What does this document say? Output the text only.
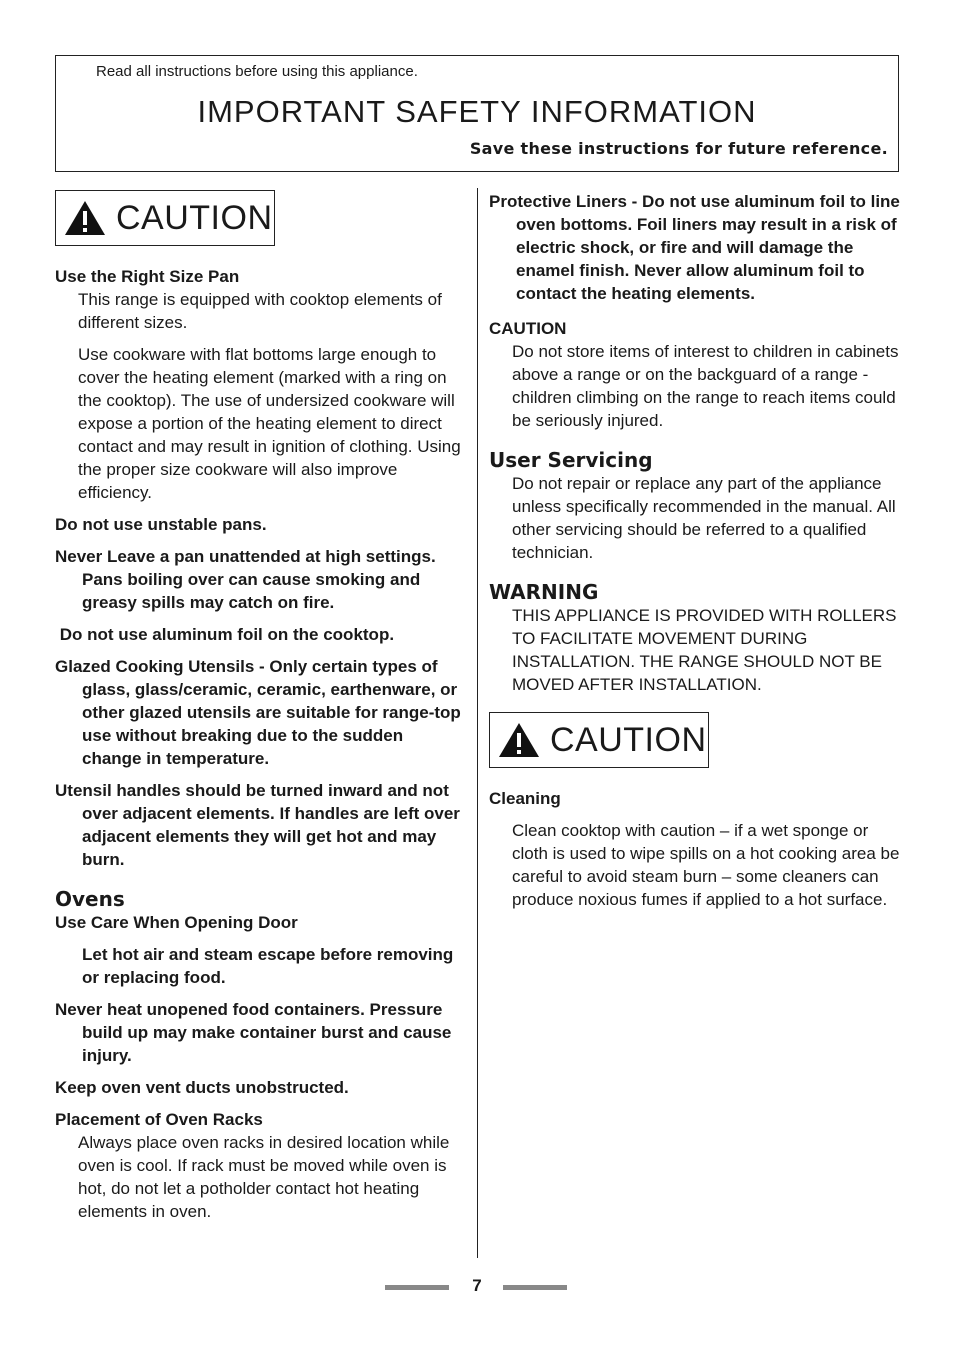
Read all instructions before using this appliance.
IMPORTANT SAFETY INFORMATION
Save these instructions for future reference.
CAUTION

Use the Right Size Pan

This range is equipped with cooktop elements of different sizes.

Use cookware with flat bottoms large enough to cover the heating element (marked with a ring on the cooktop). The use of undersized cookware will expose a portion of the heating element to direct contact and may result in ignition of clothing. Using the proper size cookware will also improve efficiency.

Do not use unstable pans.

Never Leave a pan unattended at high settings. Pans boiling over can cause smoking and greasy spills may catch on fire.

Do not use aluminum foil on the cooktop.

Glazed Cooking Utensils - Only certain types of glass, glass/ceramic, ceramic, earthenware, or other glazed utensils are suitable for range-top use without breaking due to the sudden change in temperature.

Utensil handles should be turned inward and not over adjacent elements. If handles are left over adjacent elements they will get hot and may burn.

Ovens

Use Care When Opening Door

Let hot air and steam escape before removing or replacing food.

Never heat unopened food containers. Pressure build up may make container burst and cause injury.

Keep oven vent ducts unobstructed.

Placement of Oven Racks

Always place oven racks in desired location while oven is cool. If rack must be moved while oven is hot, do not let a potholder contact hot heating elements in oven.

Protective Liners - Do not use aluminum foil to line oven bottoms. Foil liners may result in a risk of electric shock, or fire and will damage the enamel finish. Never allow aluminum foil to contact the heating elements.

CAUTION

Do not store items of interest to children in cabinets above a range or on the backguard of a range - children climbing on the range to reach items could be seriously injured.

User Servicing

Do not repair or replace any part of the appliance unless specifically recommended in the manual. All other servicing should be referred to a qualified technician.

WARNING

THIS APPLIANCE IS PROVIDED WITH ROLLERS TO FACILITATE MOVEMENT DURING INSTALLATION. THE RANGE SHOULD NOT BE MOVED AFTER INSTALLATION.

CAUTION

Cleaning

Clean cooktop with caution – if a wet sponge or cloth is used to wipe spills on a hot cooking area be careful to avoid steam burn – some cleaners can produce noxious fumes if applied to a hot surface.

7
